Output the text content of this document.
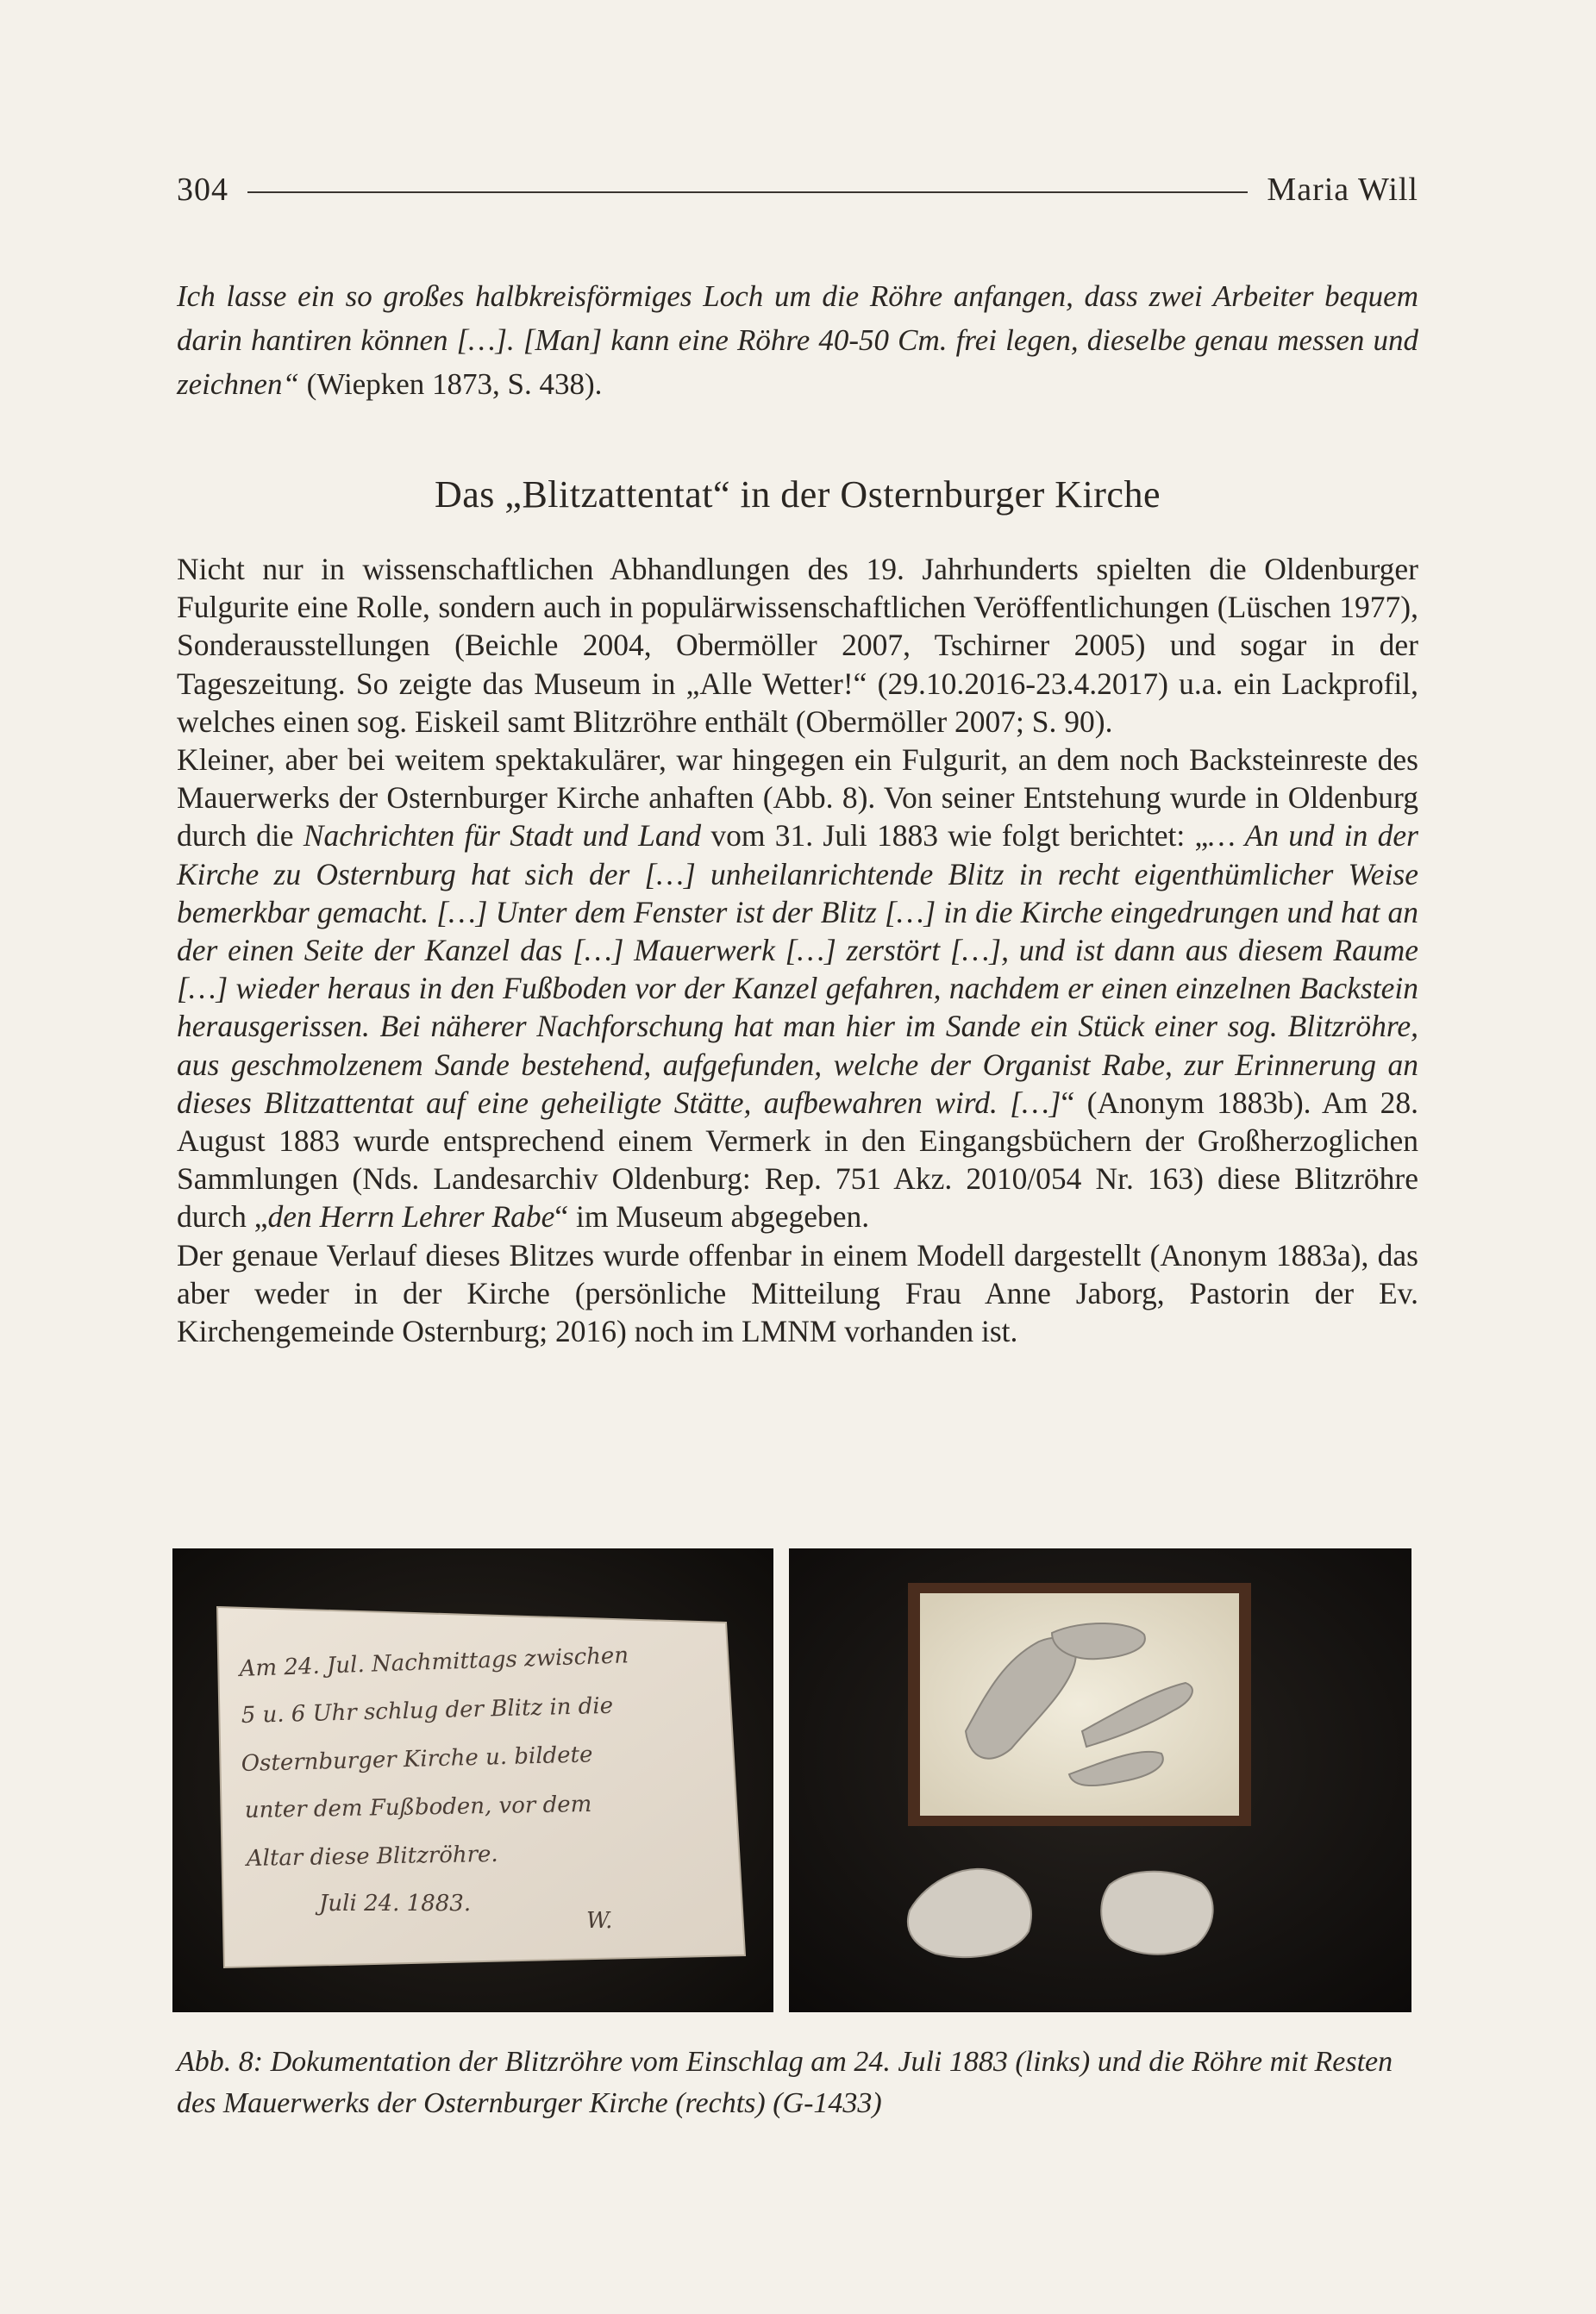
304	Maria Will
Ich lasse ein so großes halbkreisförmiges Loch um die Röhre anfangen, dass zwei Arbeiter bequem darin hantiren können […]. [Man] kann eine Röhre 40-50 Cm. frei legen, dieselbe genau messen und zeichnen“ (Wiepken 1873, S. 438).
Das „Blitzattentat“ in der Osternburger Kirche

Nicht nur in wissenschaftlichen Abhandlungen des 19. Jahrhunderts spielten die Oldenburger Fulgurite eine Rolle, sondern auch in populärwissenschaftlichen Veröffentlichungen (Lüschen 1977), Sonderausstellungen (Beichle 2004, Obermöller 2007, Tschirner 2005) und sogar in der Tageszeitung. So zeigte das Museum in „Alle Wetter!“ (29.10.2016-23.4.2017) u.a. ein Lackprofil, welches einen sog. Eiskeil samt Blitzröhre enthält (Obermöller 2007; S. 90).

Kleiner, aber bei weitem spektakulärer, war hingegen ein Fulgurit, an dem noch Backsteinreste des Mauerwerks der Osternburger Kirche anhaften (Abb. 8). Von seiner Entstehung wurde in Oldenburg durch die Nachrichten für Stadt und Land vom 31. Juli 1883 wie folgt berichtet: „… An und in der Kirche zu Osternburg hat sich der […] unheilanrichtende Blitz in recht eigenthümlicher Weise bemerkbar gemacht. […] Unter dem Fenster ist der Blitz […] in die Kirche eingedrungen und hat an der einen Seite der Kanzel das […] Mauerwerk […] zerstört […], und ist dann aus diesem Raume […] wieder heraus in den Fußboden vor der Kanzel gefahren, nachdem er einen einzelnen Backstein herausgerissen. Bei näherer Nachforschung hat man hier im Sande ein Stück einer sog. Blitzröhre, aus geschmolzenem Sande bestehend, aufgefunden, welche der Organist Rabe, zur Erinnerung an dieses Blitzattentat auf eine geheiligte Stätte, aufbewahren wird. […]“ (Anonym 1883b). Am 28. August 1883 wurde entsprechend einem Vermerk in den Eingangsbüchern der Großherzoglichen Sammlungen (Nds. Landesarchiv Oldenburg: Rep. 751 Akz. 2010/054 Nr. 163) diese Blitzröhre durch „den Herrn Lehrer Rabe“ im Museum abgegeben.

Der genaue Verlauf dieses Blitzes wurde offenbar in einem Modell dargestellt (Anonym 1883a), das aber weder in der Kirche (persönliche Mitteilung Frau Anne Jaborg, Pastorin der Ev. Kirchengemeinde Osternburg; 2016) noch im LMNM vorhanden ist.

Am 24. Jul. Nachmittags zwischen
5 u. 6 Uhr schlug der Blitz in die
Osternburger Kirche u. bildete
unter dem Fußboden, vor dem
Altar diese Blitzröhre.
Juli 24. 1883.
W.
Abb. 8: Dokumentation der Blitzröhre vom Einschlag am 24. Juli 1883 (links) und die Röhre mit Resten des Mauerwerks der Osternburger Kirche (rechts) (G-1433)
